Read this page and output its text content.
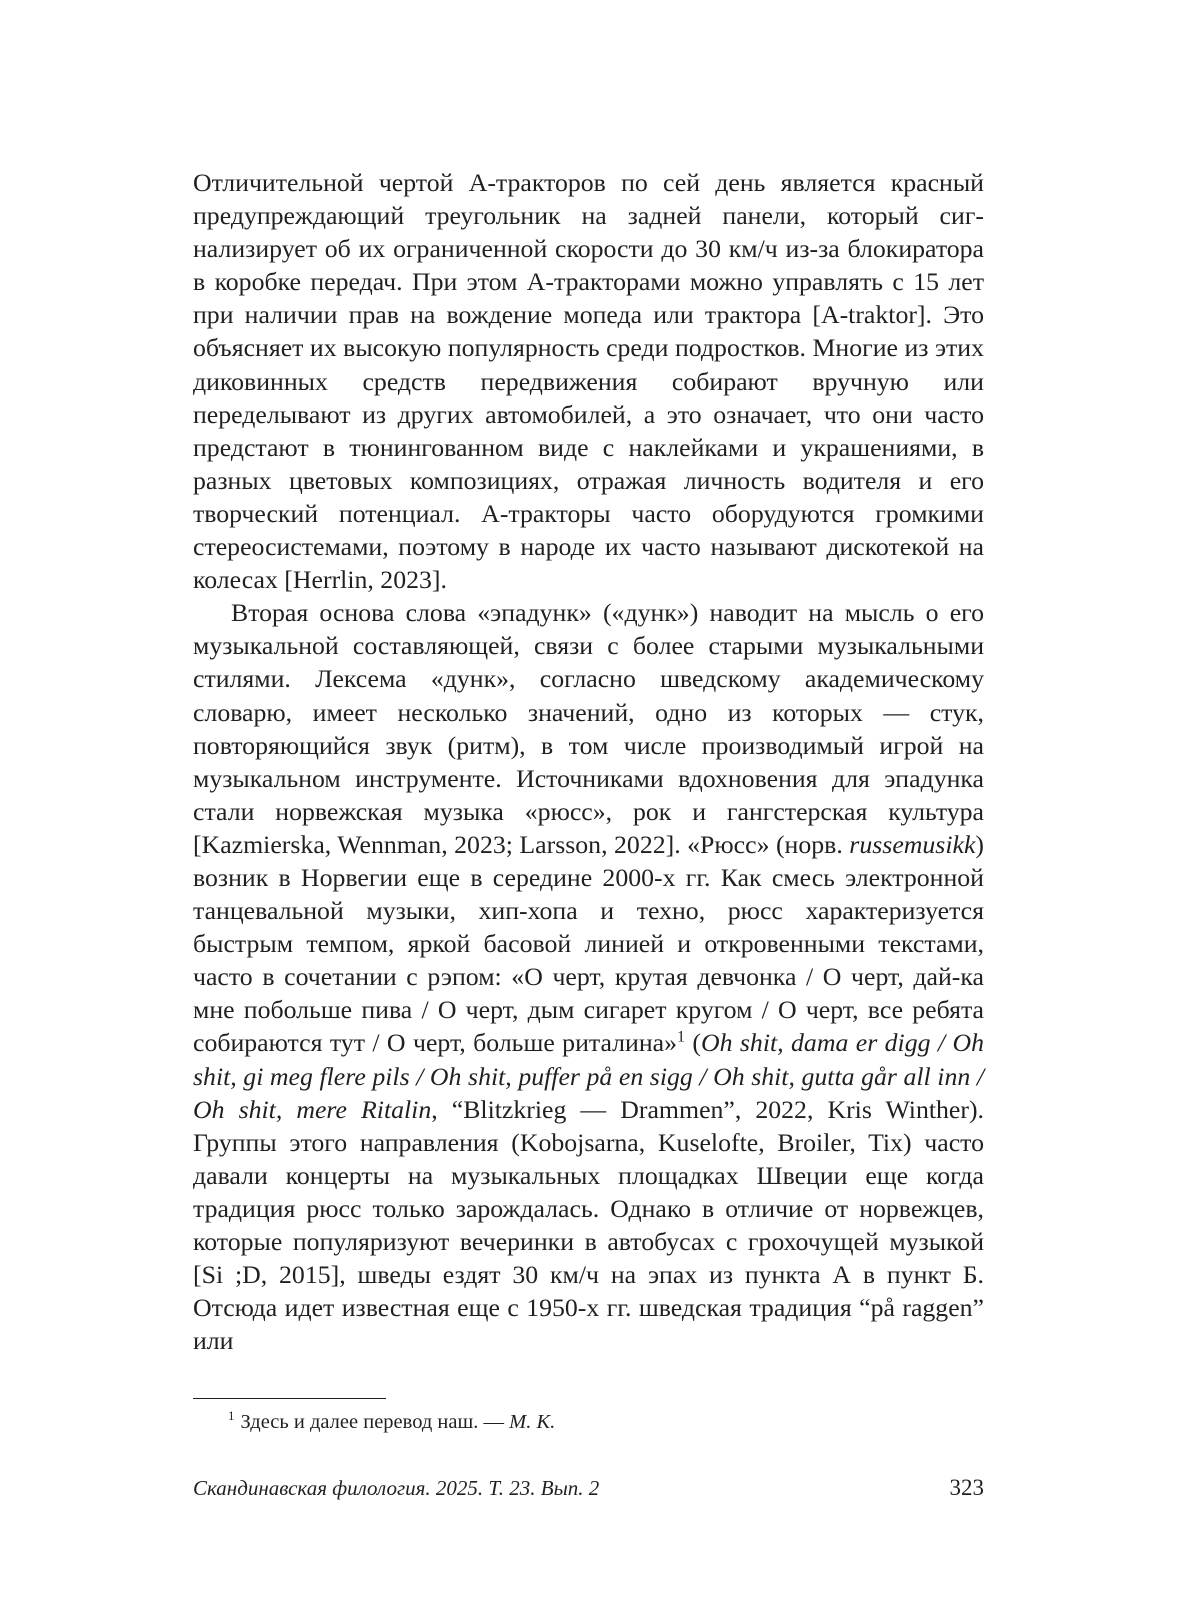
Отличительной чертой А-тракторов по сей день является красный предупреждающий треугольник на задней панели, который сигнализирует об их ограниченной скорости до 30 км/ч из-за блокиратора в коробке передач. При этом А-тракторами можно управлять с 15 лет при наличии прав на вождение мопеда или трактора [A-traktor]. Это объясняет их высокую популярность среди подростков. Многие из этих диковинных средств передвижения собирают вручную или переделывают из других автомобилей, а это означает, что они часто предстают в тюнингованном виде с наклейками и украшениями, в разных цветовых композициях, отражая личность водителя и его творческий потенциал. А-тракторы часто оборудуются громкими стереосистемами, поэтому в народе их часто называют дискотекой на колесах [Herrlin, 2023].

Вторая основа слова «эпадунк» («дунк») наводит на мысль о его музыкальной составляющей, связи с более старыми музыкальными стилями. Лексема «дунк», согласно шведскому академическому словарю, имеет несколько значений, одно из которых — стук, повторяющийся звук (ритм), в том числе производимый игрой на музыкальном инструменте. Источниками вдохновения для эпадунка стали норвежская музыка «рюсс», рок и гангстерская культура [Kazmierska, Wennman, 2023; Larsson, 2022]. «Рюсс» (норв. russemusikk) возник в Норвегии еще в середине 2000-х гг. Как смесь электронной танцевальной музыки, хип-хопа и техно, рюсс характеризуется быстрым темпом, яркой басовой линией и откровенными текстами, часто в сочетании с рэпом: «О черт, крутая девчонка / О черт, дай-ка мне побольше пива / О черт, дым сигарет кругом / О черт, все ребята собираются тут / О черт, больше риталина»$^1$ (Oh shit, dama er digg / Oh shit, gi meg flere pils / Oh shit, puffer på en sigg / Oh shit, gutta går all inn / Oh shit, mere Ritalin, “Blitzkrieg — Drammen”, 2022, Kris Winther). Группы этого направления (Kobojsarna, Kuselofte, Broiler, Tix) часто давали концерты на музыкальных площадках Швеции еще когда традиция рюсс только зарождалась. Однако в отличие от норвежцев, которые популяризуют вечеринки в автобусах с грохочущей музыкой [Si ;D, 2015], шведы ездят 30 км/ч на эпах из пункта А в пункт Б. Отсюда идет известная еще с 1950-х гг. шведская традиция “på raggen” или

$^1$ Здесь и далее перевод наш. — М. К.
Скандинавская филология. 2025. Т. 23. Вып. 2	323
